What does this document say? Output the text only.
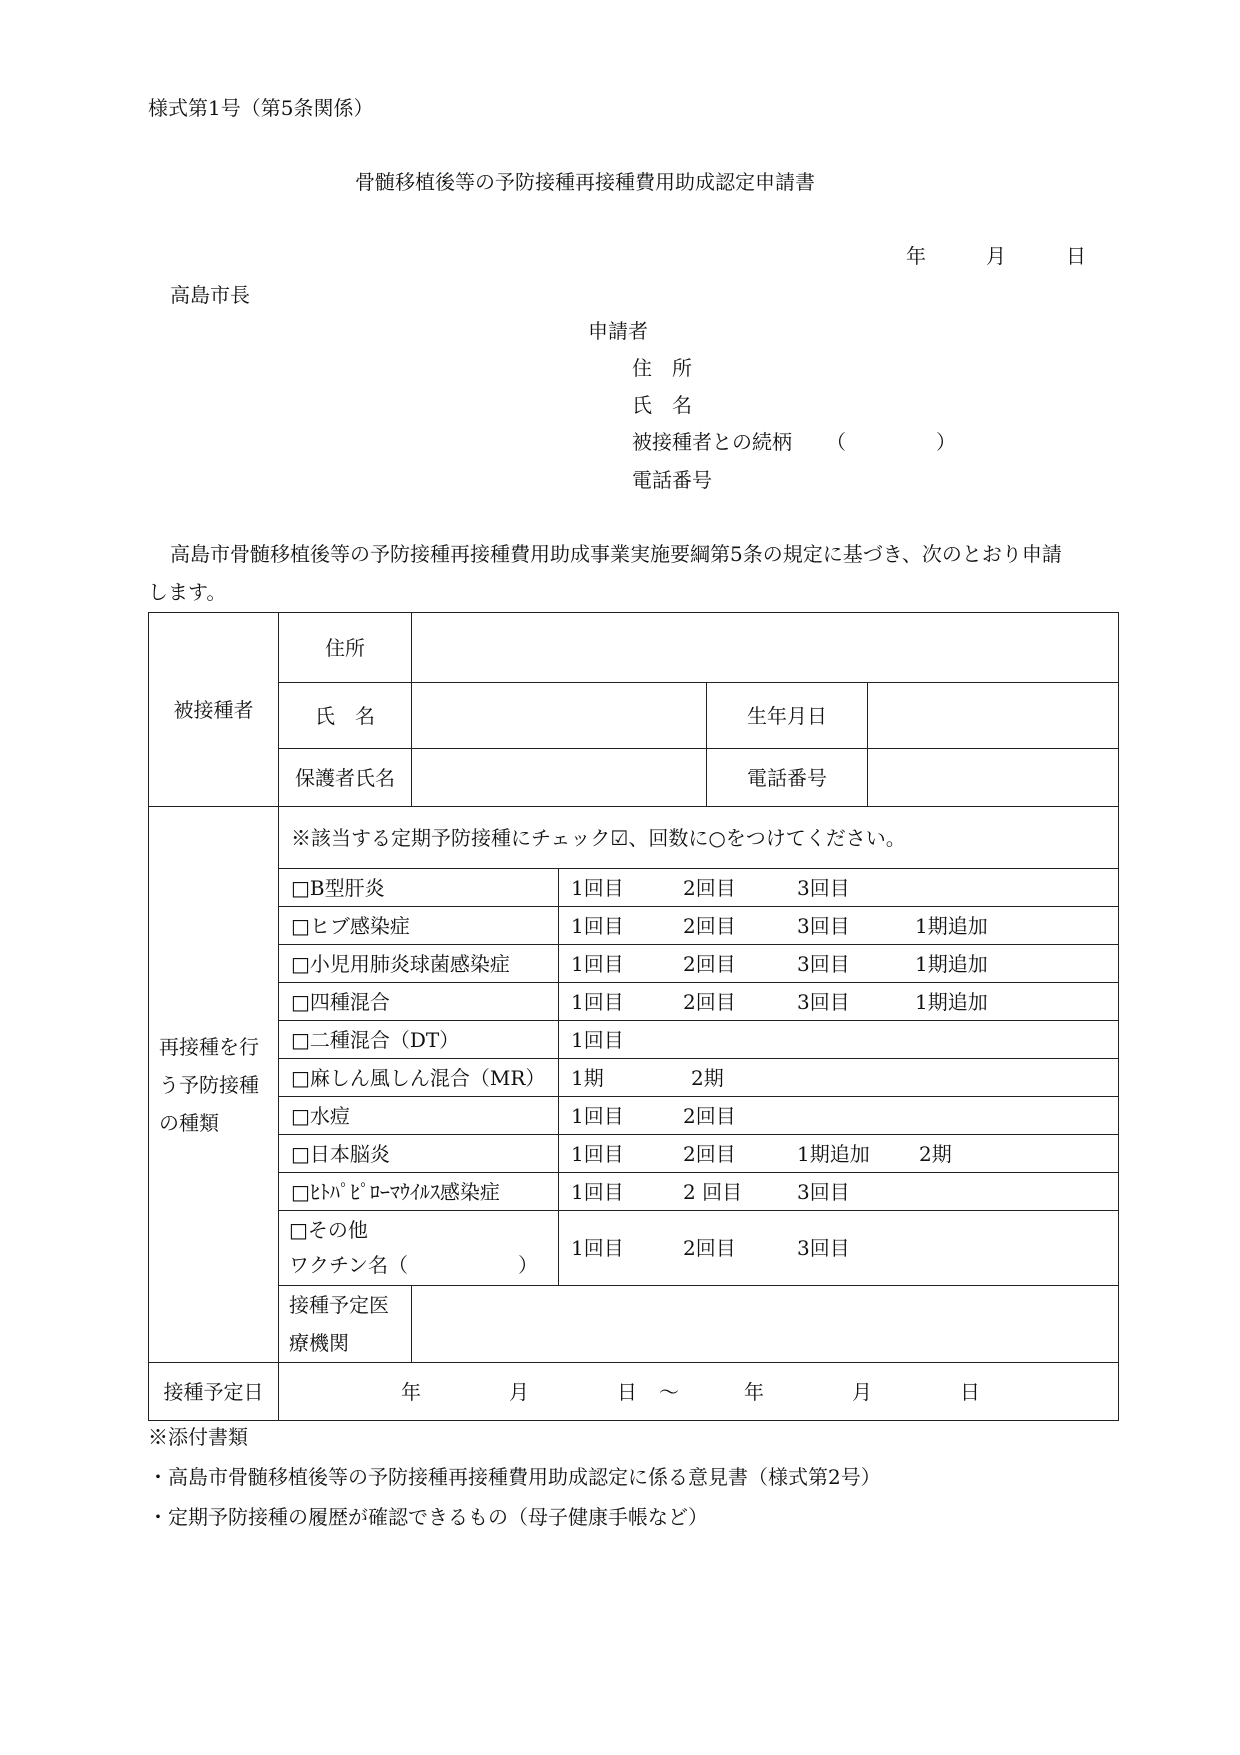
様式第1号（第5条関係）
骨髄移植後等の予防接種再接種費用助成認定申請書
年	月	日
高島市長
申請者
住　所
氏　名
被接種者との続柄 （	）
電話番号
高島市骨髄移植後等の予防接種再接種費用助成事業実施要綱第5条の規定に基づき、次のとおり申請
します。
被接種者	住所				
	氏　名			生年月日	
	保護者氏名			電話番号	
再接種を行う予防接種の種類	※該当する定期予防接種にチェック☑、回数に○をつけてください。				
	□B型肝炎		1回目 2回目 3回目		
	□ヒブ感染症		1回目 2回目 3回目 1期追加		
	□小児用肺炎球菌感染症		1回目 2回目 3回目 1期追加		
	□四種混合		1回目 2回目 3回目 1期追加		
	□二種混合（DT）		1回目		
	□麻しん風しん混合（MR）		1期 2期		
	□水痘		1回目 2回目		
	□日本脳炎		1回目 2回目 1期追加 2期		
	□ﾋﾄﾊﾟﾋﾟﾛｰﾏｳｲﾙｽ感染症		1回目 2 回目 3回目		
	□その他
ワクチン名（ ）		1回目 2回目 3回目		
	接種予定医療機関				
接種予定日	年 月 日 ～ 年 月 日				
※添付書類
・高島市骨髄移植後等の予防接種再接種費用助成認定に係る意見書（様式第2号）
・定期予防接種の履歴が確認できるもの（母子健康手帳など）
